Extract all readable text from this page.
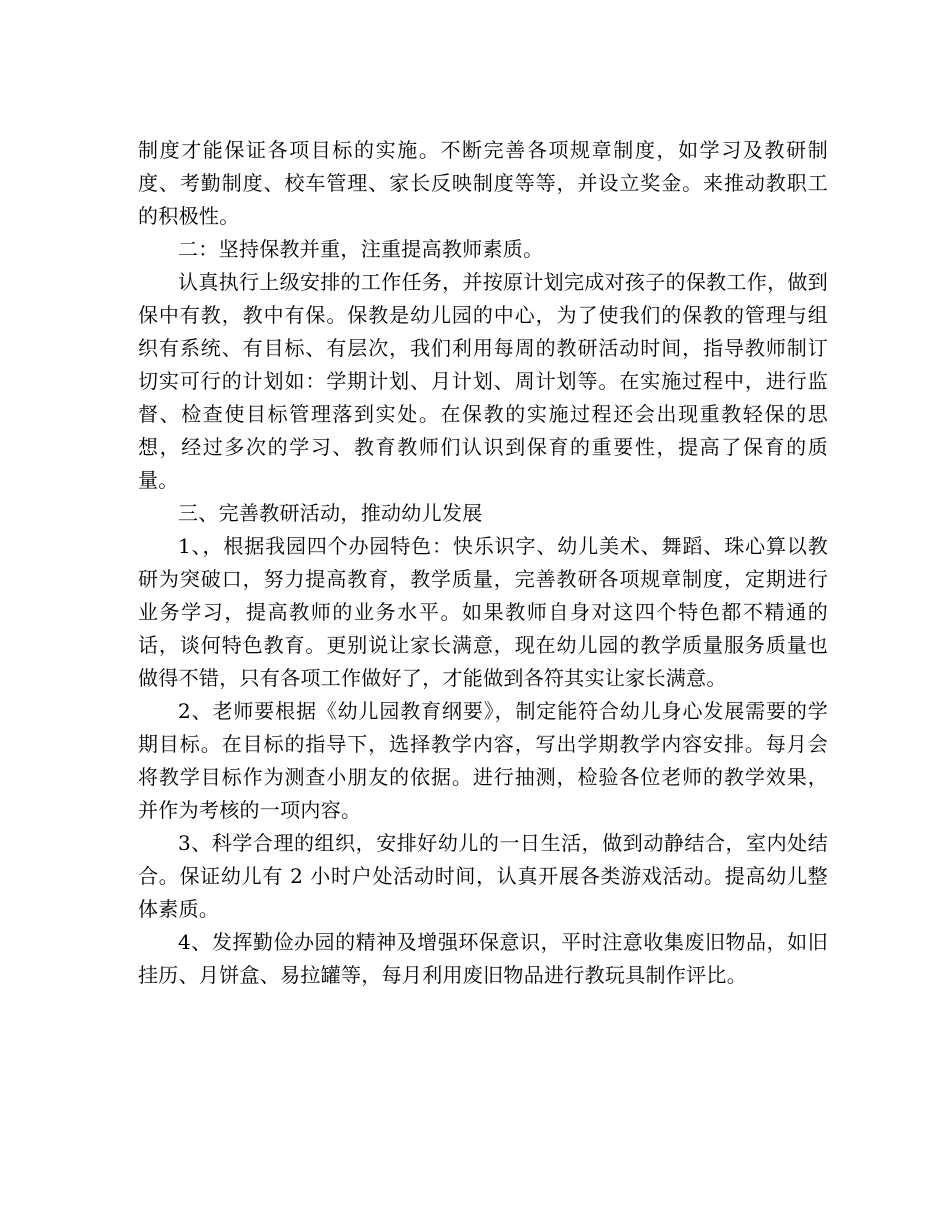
制度才能保证各项目标的实施。不断完善各项规章制度，如学习及教研制度、考勤制度、校车管理、家长反映制度等等，并设立奖金。来推动教职工的积极性。

二：坚持保教并重，注重提高教师素质。

认真执行上级安排的工作任务，并按原计划完成对孩子的保教工作，做到保中有教，教中有保。保教是幼儿园的中心，为了使我们的保教的管理与组织有系统、有目标、有层次，我们利用每周的教研活动时间，指导教师制订切实可行的计划如：学期计划、月计划、周计划等。在实施过程中，进行监督、检查使目标管理落到实处。在保教的实施过程还会出现重教轻保的思想，经过多次的学习、教育教师们认识到保育的重要性，提高了保育的质量。

三、完善教研活动，推动幼儿发展

1、，根据我园四个办园特色：快乐识字、幼儿美术、舞蹈、珠心算以教研为突破口，努力提高教育，教学质量，完善教研各项规章制度，定期进行业务学习，提高教师的业务水平。如果教师自身对这四个特色都不精通的话，谈何特色教育。更别说让家长满意，现在幼儿园的教学质量服务质量也做得不错，只有各项工作做好了，才能做到各符其实让家长满意。

2、老师要根据《幼儿园教育纲要》，制定能符合幼儿身心发展需要的学期目标。在目标的指导下，选择教学内容，写出学期教学内容安排。每月会将教学目标作为测查小朋友的依据。进行抽测，检验各位老师的教学效果，并作为考核的一项内容。

3、科学合理的组织，安排好幼儿的一日生活，做到动静结合，室内处结合。保证幼儿有 2 小时户处活动时间，认真开展各类游戏活动。提高幼儿整体素质。

4、发挥勤俭办园的精神及增强环保意识，平时注意收集废旧物品，如旧挂历、月饼盒、易拉罐等，每月利用废旧物品进行教玩具制作评比。
